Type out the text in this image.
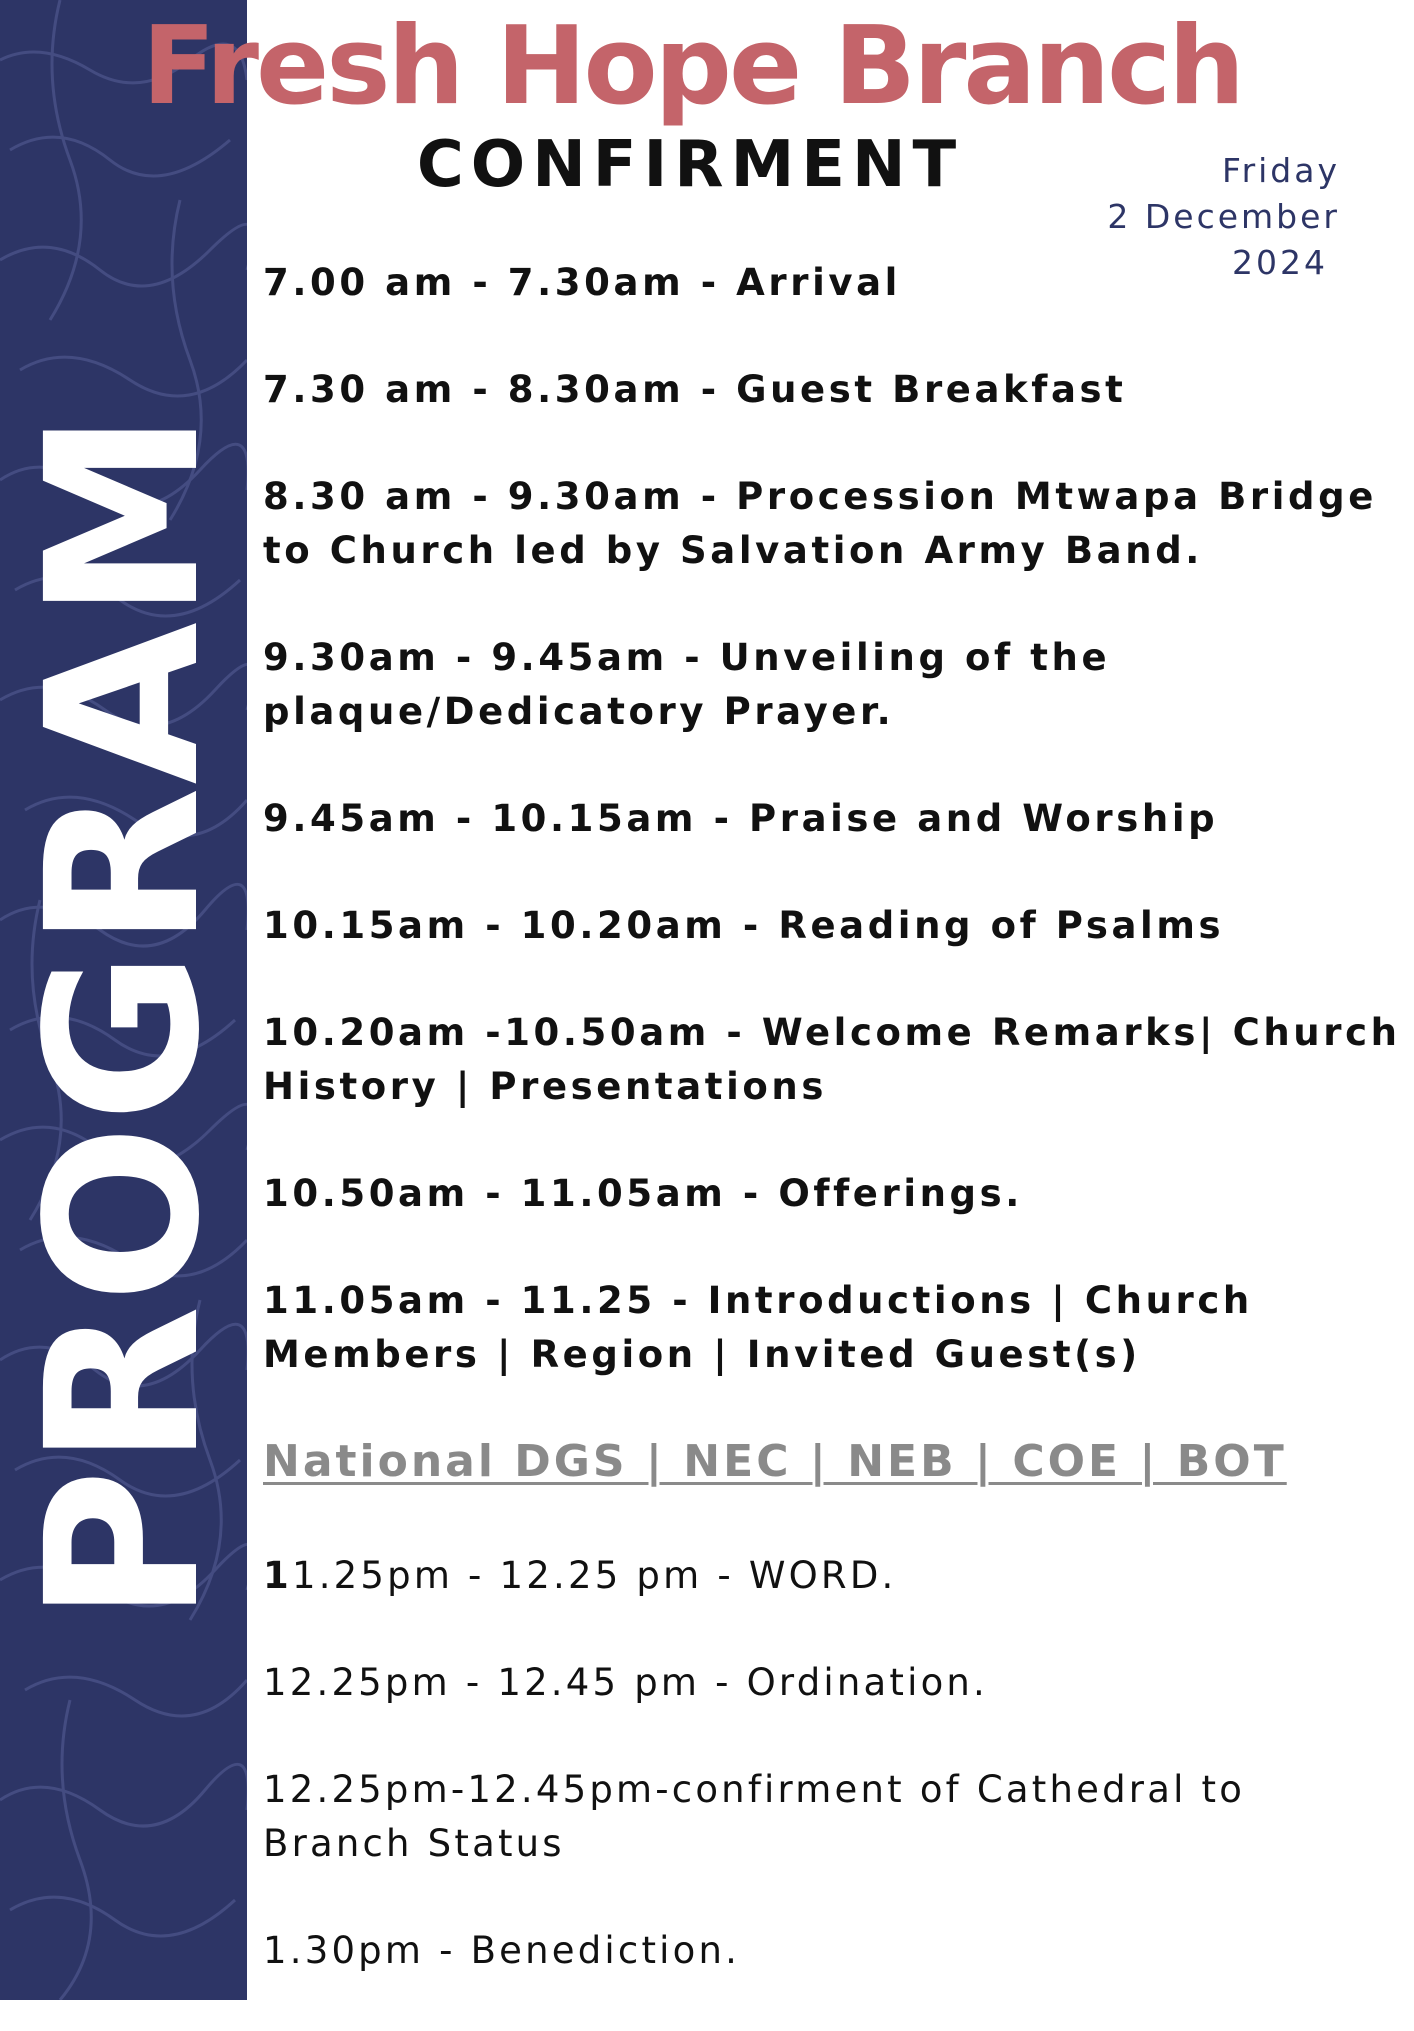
PROGRAM
Fresh Hope Branch
CONFIRMENT	Friday
2 December
2024
7.00 am - 7.30am - Arrival
7.30 am - 8.30am - Guest Breakfast
8.30 am - 9.30am - Procession Mtwapa Bridge
to Church led by Salvation Army Band.
9.30am - 9.45am - Unveiling of the
plaque/Dedicatory Prayer.
9.45am - 10.15am - Praise and Worship
10.15am - 10.20am - Reading of Psalms
10.20am -10.50am - Welcome Remarks| Church
History | Presentations
10.50am - 11.05am - Offerings.
11.05am - 11.25 - Introductions | Church
Members | Region | Invited Guest(s)
National DGS | NEC | NEB | COE | BOT
11.25pm - 12.25 pm - WORD.
12.25pm - 12.45 pm - Ordination.
12.25pm-12.45pm-confirment of Cathedral to
Branch Status
1.30pm - Benediction.
